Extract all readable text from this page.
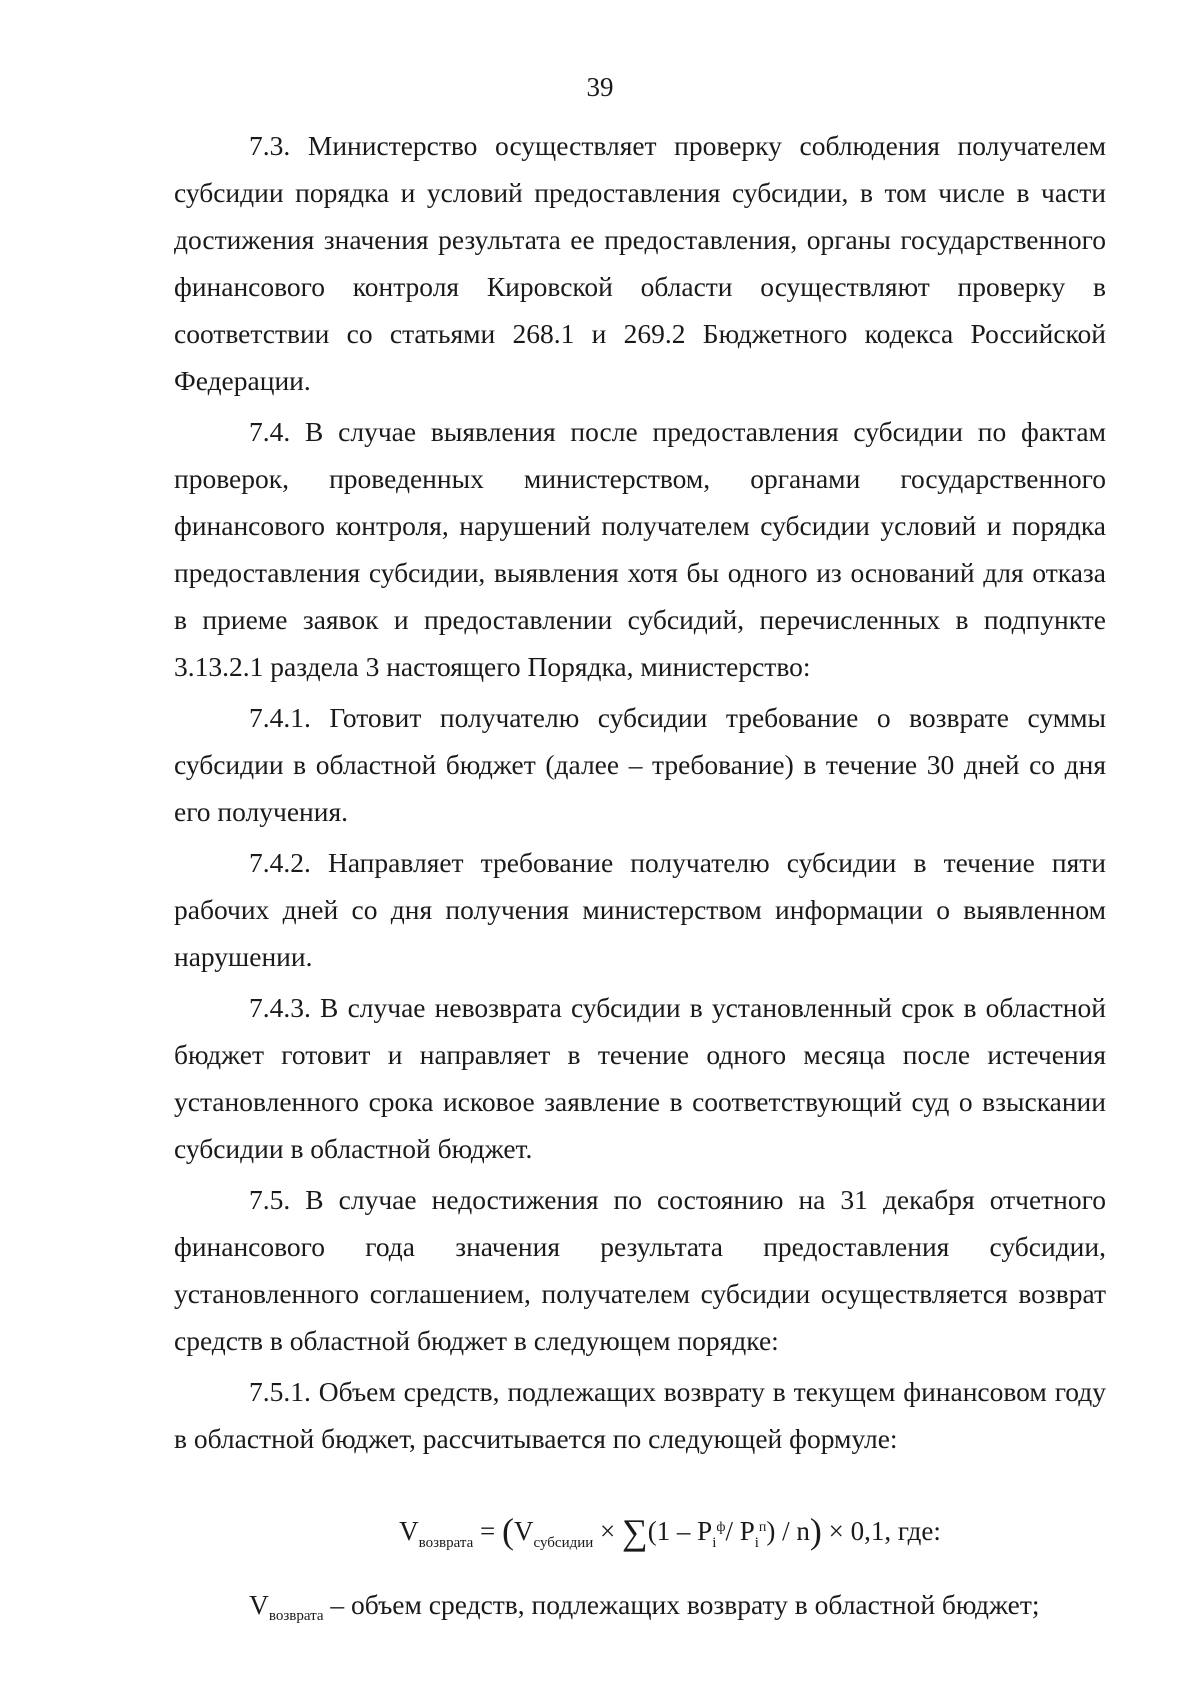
39

7.3. Министерство осуществляет проверку соблюдения получателем субсидии порядка и условий предоставления субсидии, в том числе в части достижения значения результата ее предоставления, органы государственного финансового контроля Кировской области осуществляют проверку в соответствии со статьями 268.1 и 269.2 Бюджетного кодекса Российской Федерации.

7.4. В случае выявления после предоставления субсидии по фактам проверок, проведенных министерством, органами государственного финансового контроля, нарушений получателем субсидии условий и порядка предоставления субсидии, выявления хотя бы одного из оснований для отказа в приеме заявок и предоставлении субсидий, перечисленных в подпункте 3.13.2.1 раздела 3 настоящего Порядка, министерство:

7.4.1. Готовит получателю субсидии требование о возврате суммы субсидии в областной бюджет (далее – требование) в течение 30 дней со дня его получения.

7.4.2. Направляет требование получателю субсидии в течение пяти рабочих дней со дня получения министерством информации о выявленном нарушении.

7.4.3. В случае невозврата субсидии в установленный срок в областной бюджет готовит и направляет в течение одного месяца после истечения установленного срока исковое заявление в соответствующий суд о взыскании субсидии в областной бюджет.

7.5. В случае недостижения по состоянию на 31 декабря отчетного финансового года значения результата предоставления субсидии, установленного соглашением, получателем субсидии осуществляется возврат средств в областной бюджет в следующем порядке:

7.5.1. Объем средств, подлежащих возврату в текущем финансовом году в областной бюджет, рассчитывается по следующей формуле:

$V_{возврата} = (V_{субсидии} \times \sum(1 - P_i^ф/$ $P_i^п) / n) \times 0,1$, где:

$V_{возврата}$ – объем средств, подлежащих возврату в областной бюджет;
